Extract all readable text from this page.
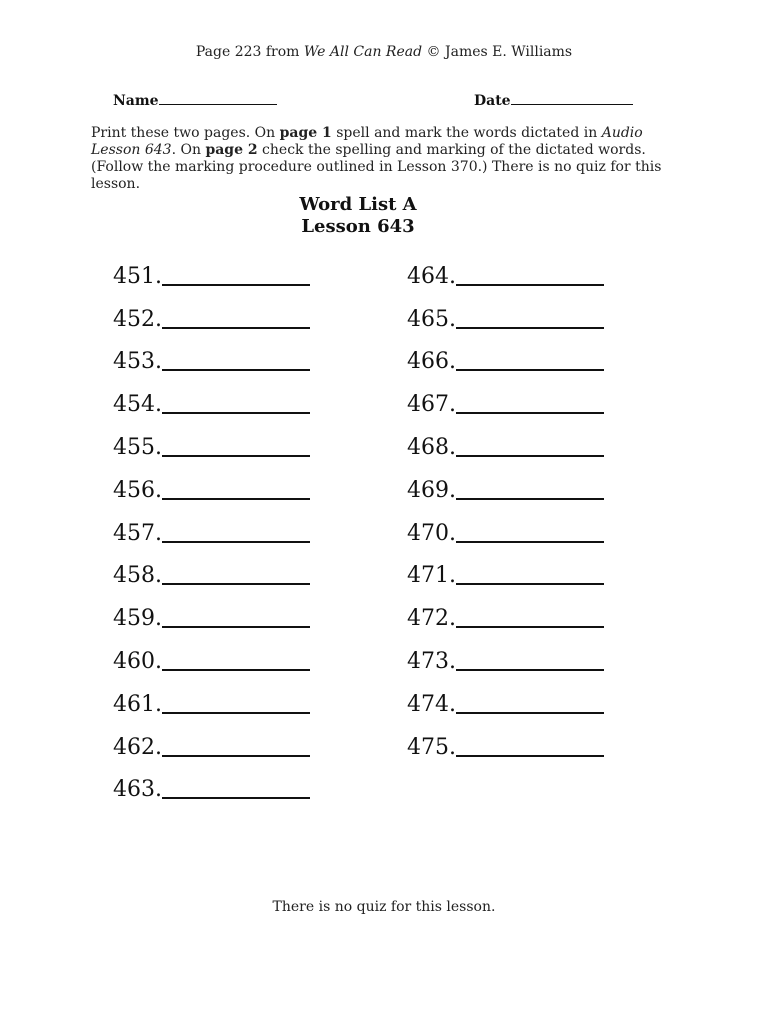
Page 223 from We All Can Read © James E. Williams
Name	Date
Print these two pages. On page 1 spell and mark the words dictated in Audio Lesson 643. On page 2 check the spelling and marking of the dictated words. (Follow the marking procedure outlined in Lesson 370.) There is no quiz for this lesson.
Word List A
Lesson 643
451.
452.
453.
454.
455.
456.
457.
458.
459.
460.
461.
462.
463.
464.
465.
466.
467.
468.
469.
470.
471.
472.
473.
474.
475.
There is no quiz for this lesson.
